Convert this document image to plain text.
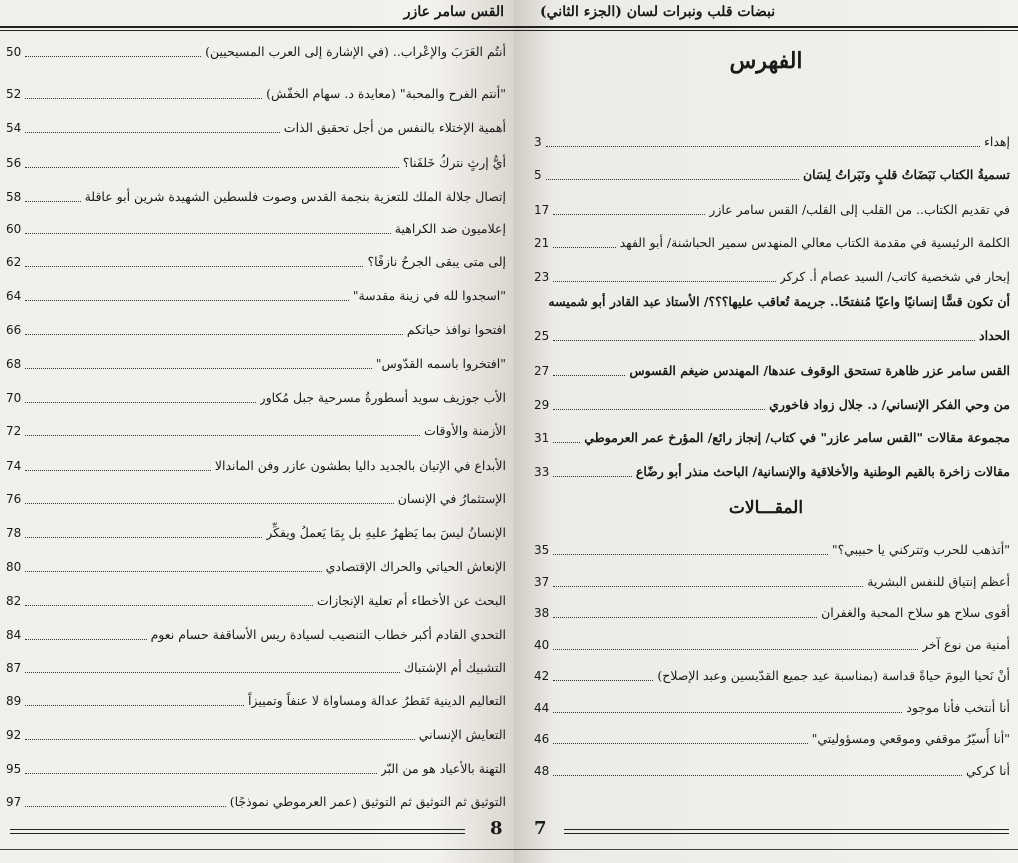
القس سامر عازر
50	أنتُم العَرَبَ والإعْراب.. (في الإشارة إلى العرب المسيحيين)
52	"أنتم الفرح والمحبة" (معايدة د. سهام الخفّش)
54	أهمية الإختلاء بالنفس من أجل تحقيق الذات
56	أيُّ إرثٍ نتركُ خَلفَنا؟
58	إتصال جلالة الملك للتعزية بنجمة القدس وصوت فلسطين الشهيدة شرين أبو عاقلة
60	إعلاميون ضد الكراهية
62	إلى متى يبقى الجرحُ نازفًا؟
64	"اسجدوا لله في زينة مقدسة"
66	افتحوا نوافذ حياتكم
68	"افتخروا باسمه القدّوس"
70	الأب جوزيف سويد أسطورةُ مسرحية جبل مُكاور
72	الأزمنة والأوقات
74	الأبداع في الإتيان بالجديد داليا بطشون عازر وفن الماندالا
76	الإستثمارُ في الإنسان
78	الإنسانُ ليسَ بما يَظهرُ عليهِ بل بِمَا يَعملُ ويفكِّر
80	الإنعاش الحياتي والحراك الإقتصادي
82	البحث عن الأخطاء أم تعلية الإنجازات
84	التحدي القادم أكبر خطاب التنصيب لسيادة ريس الأساقفة حسام نعوم
87	التشبيك أم الإشتباك
89	التعاليم الدينية تَقطرُ عدالة ومساواة لا عنفاً وتمييزاً
92	التعايش الإنساني
95	التهنة بالأعياد هو من البّر
97	التوثيق ثم التوثيق ثم التوثيق (عمر العرموطي نموذجًا)
8
نبضات قلب ونبرات لسان (الجزء الثاني)
الفهرس
3	إهداء
5	تسميةُ الكتاب نَبَضَاتُ قلبٍ ونَبَراتُ لِسَان
17	في تقديم الكتاب.. من القلب إلى القلب/ القس سامر عازر
21	الكلمة الرئيسية في مقدمة الكتاب معالي المنهدس سمير الحباشنة/ أبو الفهد
23	إبحار في شخصية كاتب/ السيد عصام أ. كركر
أن تكون قسًّا إنسانيًا واعيًا مُنفتحًا.. جريمة تُعاقب عليها؟؟؟/ الأستاذ عبد القادر أبو شميسه
25	الحداد
27	القس سامر عزر ظاهرة تستحق الوقوف عندها/ المهندس ضيغم القسوس
29	من وحي الفكر الإنساني/ د. جلال زواد فاخوري
31	مجموعة مقالات "القس سامر عازر" في كتاب/ إنجاز رائع/ المؤرخ عمر العرموطي
33	مقالات زاخرة بالقيم الوطنية والأخلاقية والإنسانية/ الباحث منذر أبو رضّاع
المقـــالات
35	"أتذهب للحرب وتتركني يا حبيبي؟"
37	أعظم إنتياق للنفس البشرية
38	أقوى سلاح هو سلاح المحبة والغفران
40	أمنية من نوع آخر
42	أنْ نَحيا اليومَ حياةً قداسة (بمناسبة عيد جميع القدّيسين وعبد الإصلاح)
44	أنا أنتخب فأنا موجود
46	"أنا أُسيّرُ موقفي وموقعي ومسؤوليتي"
48	أنا كركي
7
